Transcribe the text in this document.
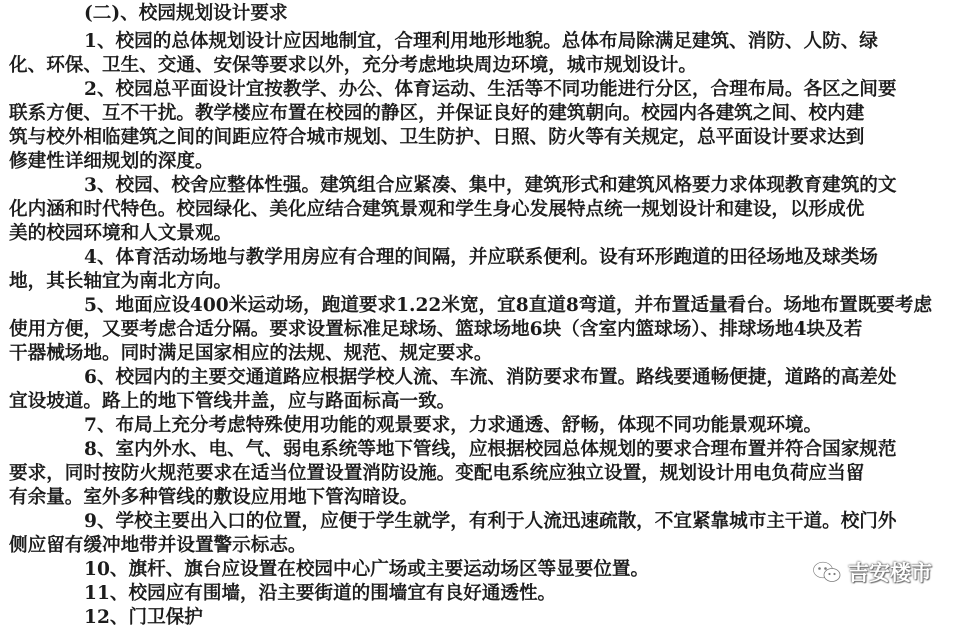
(二)、校园规划设计要求
1、校园的总体规划设计应因地制宜，合理利用地形地貌。总体布局除满足建筑、消防、人防、绿
化、环保、卫生、交通、安保等要求以外，充分考虑地块周边环境，城市规划设计。
2、校园总平面设计宜按教学、办公、体育运动、生活等不同功能进行分区，合理布局。各区之间要
联系方便、互不干扰。教学楼应布置在校园的静区，并保证良好的建筑朝向。校园内各建筑之间、校内建
筑与校外相临建筑之间的间距应符合城市规划、卫生防护、日照、防火等有关规定，总平面设计要求达到
修建性详细规划的深度。
3、校园、校舍应整体性强。建筑组合应紧凑、集中，建筑形式和建筑风格要力求体现教育建筑的文
化内涵和时代特色。校园绿化、美化应结合建筑景观和学生身心发展特点统一规划设计和建设，以形成优
美的校园环境和人文景观。
4、体育活动场地与教学用房应有合理的间隔，并应联系便利。设有环形跑道的田径场地及球类场
地，其长轴宜为南北方向。
5、地面应设400米运动场，跑道要求1.22米宽，宜8直道8弯道，并布置适量看台。场地布置既要考虑
使用方便，又要考虑合适分隔。要求设置标准足球场、篮球场地6块（含室内篮球场）、排球场地4块及若
干器械场地。同时满足国家相应的法规、规范、规定要求。
6、校园内的主要交通道路应根据学校人流、车流、消防要求布置。路线要通畅便捷，道路的高差处
宜设坡道。路上的地下管线井盖，应与路面标高一致。
7、布局上充分考虑特殊使用功能的观景要求，力求通透、舒畅，体现不同功能景观环境。
8、室内外水、电、气、弱电系统等地下管线，应根据校园总体规划的要求合理布置并符合国家规范
要求，同时按防火规范要求在适当位置设置消防设施。变配电系统应独立设置，规划设计用电负荷应当留
有余量。室外多种管线的敷设应用地下管沟暗设。
9、学校主要出入口的位置，应便于学生就学，有利于人流迅速疏散，不宜紧靠城市主干道。校门外
侧应留有缓冲地带并设置警示标志。
10、旗杆、旗台应设置在校园中心广场或主要运动场区等显要位置。
11、校园应有围墙，沿主要街道的围墙宜有良好通透性。
12、门卫保护
吉安楼市
